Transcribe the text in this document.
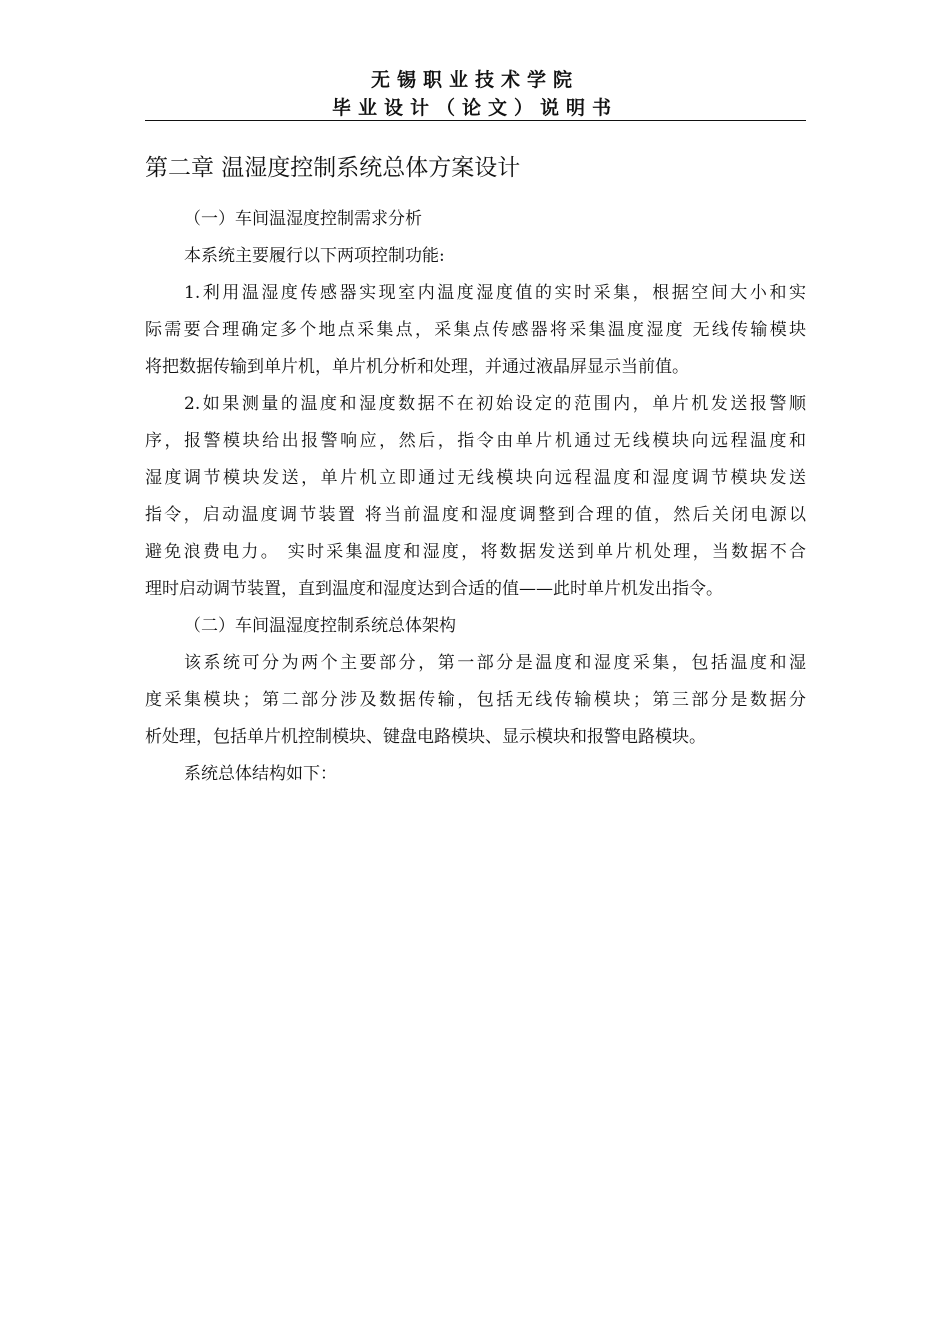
无锡职业技术学院
毕业设计（论文）说明书
第二章 温湿度控制系统总体方案设计
（一）车间温湿度控制需求分析
本系统主要履行以下两项控制功能:
1.利用温湿度传感器实现室内温度湿度值的实时采集，根据空间大小和实
际需要合理确定多个地点采集点，采集点传感器将采集温度湿度 无线传输模块
将把数据传输到单片机，单片机分析和处理，并通过液晶屏显示当前值。
2.如果测量的温度和湿度数据不在初始设定的范围内，单片机发送报警顺
序，报警模块给出报警响应，然后，指令由单片机通过无线模块向远程温度和
湿度调节模块发送，单片机立即通过无线模块向远程温度和湿度调节模块发送
指令，启动温度调节装置 将当前温度和湿度调整到合理的值，然后关闭电源以
避免浪费电力。 实时采集温度和湿度，将数据发送到单片机处理，当数据不合
理时启动调节装置，直到温度和湿度达到合适的值——此时单片机发出指令。
（二）车间温湿度控制系统总体架构
该系统可分为两个主要部分，第一部分是温度和湿度采集，包括温度和湿
度采集模块；第二部分涉及数据传输，包括无线传输模块；第三部分是数据分
析处理，包括单片机控制模块、键盘电路模块、显示模块和报警电路模块。
系统总体结构如下：
